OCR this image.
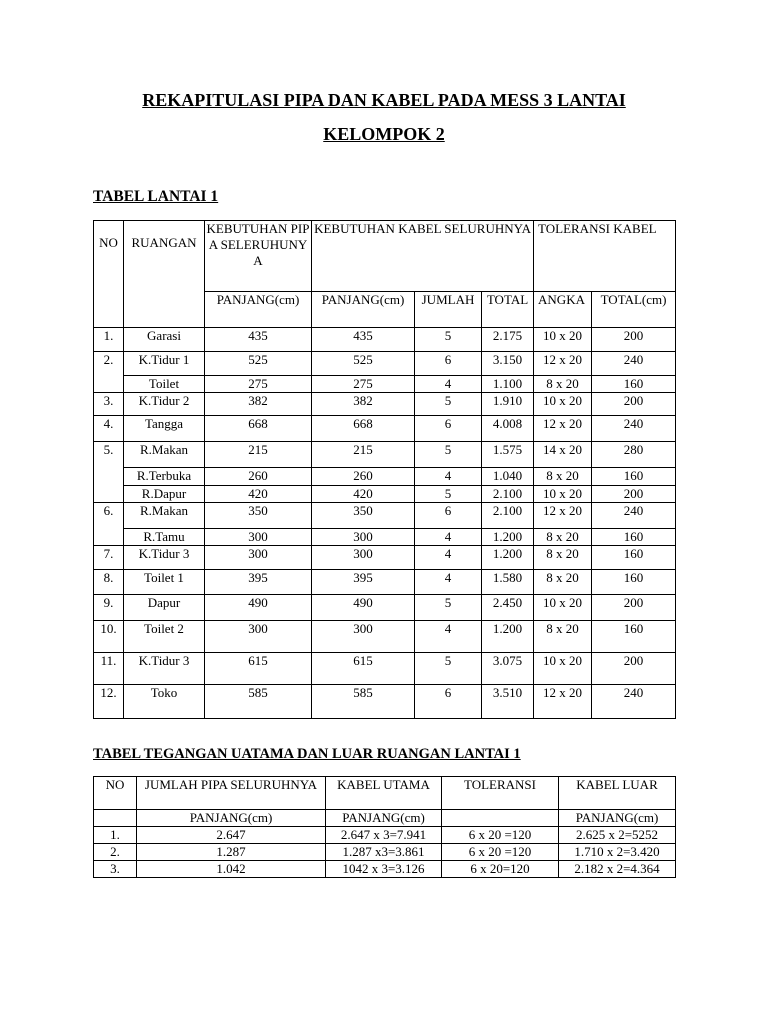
REKAPITULASI PIPA DAN KABEL PADA MESS 3 LANTAI
KELOMPOK 2
TABEL LANTAI 1
NO	RUANGAN	KEBUTUHAN PIPA SELERUHUNYA	KEBUTUHAN KABEL SELURUHNYA			TOLERANSI KABEL	
		PANJANG(cm)	PANJANG(cm)	JUMLAH	TOTAL	ANGKA	TOTAL(cm)
1.	Garasi	435	435	5	2.175	10 x 20	200
2.	K.Tidur 1	525	525	6	3.150	12 x 20	240
	Toilet	275	275	4	1.100	8 x 20	160
3.	K.Tidur 2	382	382	5	1.910	10 x 20	200
4.	Tangga	668	668	6	4.008	12 x 20	240
5.	R.Makan	215	215	5	1.575	14 x 20	280
	R.Terbuka	260	260	4	1.040	8 x 20	160
	R.Dapur	420	420	5	2.100	10 x 20	200
6.	R.Makan	350	350	6	2.100	12 x 20	240
	R.Tamu	300	300	4	1.200	8 x 20	160
7.	K.Tidur 3	300	300	4	1.200	8 x 20	160
8.	Toilet 1	395	395	4	1.580	8 x 20	160
9.	Dapur	490	490	5	2.450	10 x 20	200
10.	Toilet 2	300	300	4	1.200	8 x 20	160
11.	K.Tidur 3	615	615	5	3.075	10 x 20	200
12.	Toko	585	585	6	3.510	12 x 20	240
TABEL TEGANGAN UATAMA DAN LUAR RUANGAN LANTAI 1
NO	JUMLAH PIPA SELURUHNYA	KABEL UTAMA	TOLERANSI	KABEL LUAR
	PANJANG(cm)	PANJANG(cm)		PANJANG(cm)
1.	2.647	2.647 x 3=7.941	6 x 20 =120	2.625 x 2=5252
2.	1.287	1.287 x3=3.861	6 x 20 =120	1.710 x 2=3.420
3.	1.042	1042 x 3=3.126	6 x 20=120	2.182 x 2=4.364
